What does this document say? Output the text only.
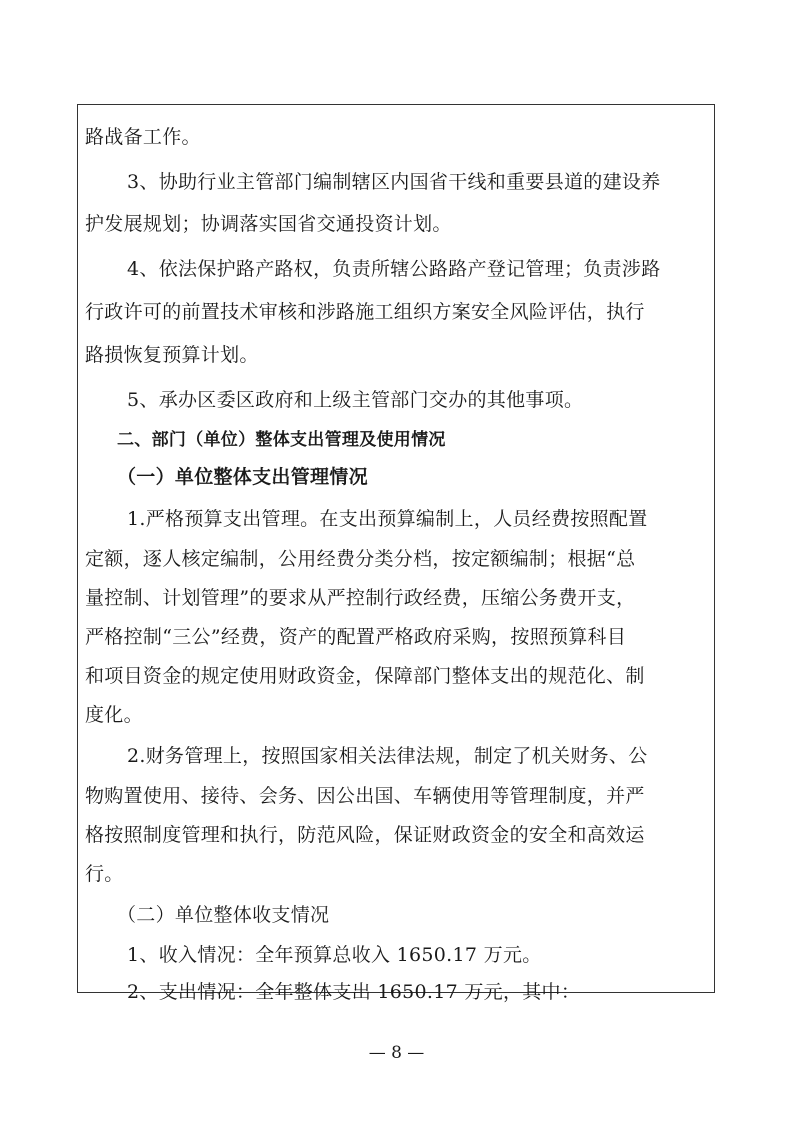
路战备工作。
3、协助行业主管部门编制辖区内国省干线和重要县道的建设养
护发展规划；协调落实国省交通投资计划。
4、依法保护路产路权，负责所辖公路路产登记管理；负责涉路
行政许可的前置技术审核和涉路施工组织方案安全风险评估，执行
路损恢复预算计划。
5、承办区委区政府和上级主管部门交办的其他事项。
二、部门（单位）整体支出管理及使用情况
（一）单位整体支出管理情况
1.严格预算支出管理。在支出预算编制上，人员经费按照配置
定额，逐人核定编制，公用经费分类分档，按定额编制；根据“总
量控制、计划管理”的要求从严控制行政经费，压缩公务费开支，
严格控制“三公”经费，资产的配置严格政府采购，按照预算科目
和项目资金的规定使用财政资金，保障部门整体支出的规范化、制
度化。
2.财务管理上，按照国家相关法律法规，制定了机关财务、公
物购置使用、接待、会务、因公出国、车辆使用等管理制度，并严
格按照制度管理和执行，防范风险，保证财政资金的安全和高效运
行。
（二）单位整体收支情况
1、收入情况：全年预算总收入 1650.17 万元。
2、支出情况：全年整体支出 1650.17 万元，其中：
— 8 —
